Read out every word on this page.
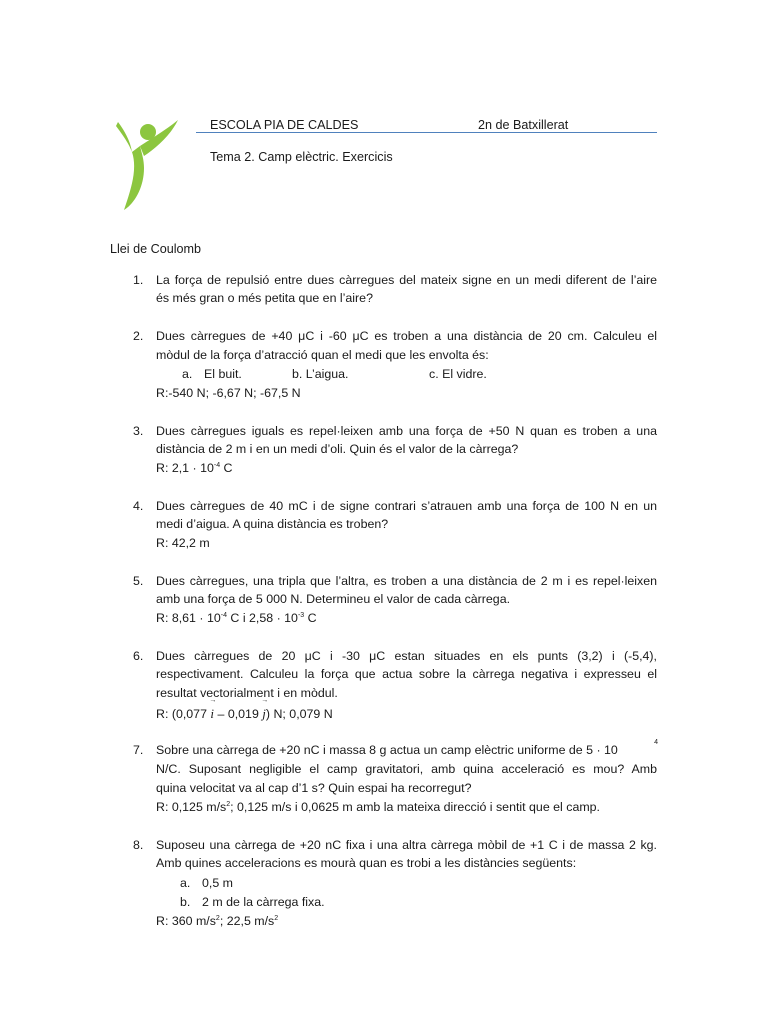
ESCOLA PIA DE CALDES	2n de Batxillerat
Tema 2. Camp elèctric. Exercicis
Llei de Coulomb
1. La força de repulsió entre dues càrregues del mateix signe en un medi diferent de l’aire
és més gran o més petita que en l’aire?
2. Dues càrregues de +40 μC i -60 μC es troben a una distància de 20 cm. Calculeu el
mòdul de la força d’atracció quan el medi que les envolta és:
a. El buit.	b. L’aigua.	c. El vidre.
R:-540 N; -6,67 N; -67,5 N
3. Dues càrregues iguals es repel·leixen amb una força de +50 N quan es troben a una
distància de 2 m i en un medi d’oli. Quin és el valor de la càrrega?
R: $2,1 \cdot 10^{-4}$ C
4. Dues càrregues de 40 mC i de signe contrari s’atrauen amb una força de 100 N en un
medi d’aigua. A quina distància es troben?
R: 42,2 m
5. Dues càrregues, una tripla que l’altra, es troben a una distància de 2 m i es repel·leixen
amb una força de 5 000 N. Determineu el valor de cada càrrega.
R: $8,61 \cdot 10^{-4}$ C i $2,58 \cdot 10^{-3}$ C
6. Dues càrregues de 20 μC i -30 μC estan situades en els punts (3,2) i (-5,4),
respectivament. Calculeu la força que actua sobre la càrrega negativa i expresseu el
resultat vectorialment i en mòdul.
R: (0,077 → i – 0,019 → j) N; 0,079 N
7. Sobre una càrrega de +20 nC i massa 8 g actua un camp elèctric uniforme de 5 · 10
4
N/C. Suposant negligible el camp gravitatori, amb quina acceleració es mou? Amb
quina velocitat va al cap d’1 s? Quin espai ha recorregut?
R: 0,125 $m/s^2$; 0,125 m/s i 0,0625 m amb la mateixa direcció i sentit que el camp.
8. Suposeu una càrrega de +20 nC fixa i una altra càrrega mòbil de +1 C i de massa 2 kg.
Amb quines acceleracions es mourà quan es trobi a les distàncies següents:
a. 0,5 m
b. 2 m de la càrrega fixa.
R: 360 $m/s^2$; 22,5 $m/s^2$
